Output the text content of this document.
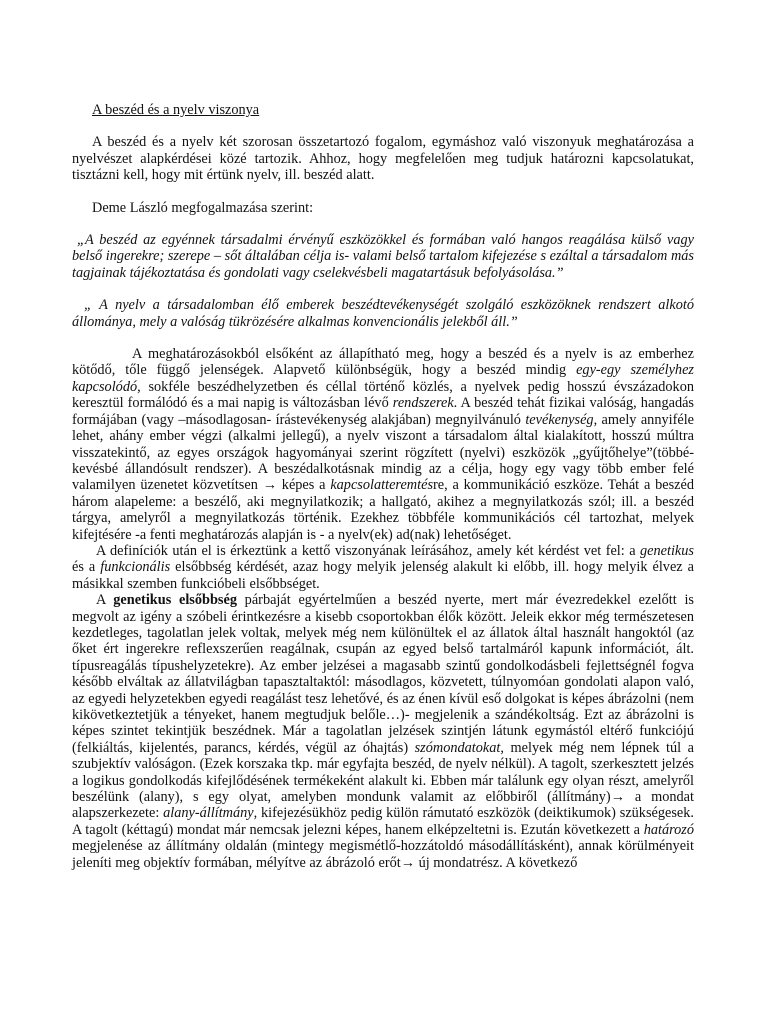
A beszéd és a nyelv viszonya

A beszéd és a nyelv két szorosan összetartozó fogalom, egymáshoz való viszonyuk meghatározása a nyelvészet alapkérdései közé tartozik. Ahhoz, hogy megfelelően meg tudjuk határozni kapcsolatukat, tisztázni kell, hogy mit értünk nyelv, ill. beszéd alatt.

Deme László megfogalmazása szerint:

„A beszéd az egyénnek társadalmi érvényű eszközökkel és formában való hangos reagálása külső vagy belső ingerekre; szerepe – sőt általában célja is- valami belső tartalom kifejezése s ezáltal a társadalom más tagjainak tájékoztatása és gondolati vagy cselekvésbeli magatartásuk befolyásolása.”

„ A nyelv a társadalomban élő emberek beszédtevékenységét szolgáló eszközöknek rendszert alkotó állománya, mely a valóság tükrözésére alkalmas konvencionális jelekből áll.”

A meghatározásokból elsőként az állapítható meg, hogy a beszéd és a nyelv is az emberhez kötődő, tőle függő jelenségek. Alapvető különbségük, hogy a beszéd mindig egy-egy személyhez kapcsolódó, sokféle beszédhelyzetben és céllal történő közlés, a nyelvek pedig hosszú évszázadokon keresztül formálódó és a mai napig is változásban lévő rendszerek. A beszéd tehát fizikai valóság, hangadás formájában (vagy –másodlagosan- írástevékenység alakjában) megnyilvánuló tevékenység, amely annyiféle lehet, ahány ember végzi (alkalmi jellegű), a nyelv viszont a társadalom által kialakított, hosszú múltra visszatekintő, az egyes országok hagyományai szerint rögzített (nyelvi) eszközök „gyűjtőhelye”(többé-kevésbé állandósult rendszer). A beszédalkotásnak mindig az a célja, hogy egy vagy több ember felé valamilyen üzenetet közvetítsen → képes a kapcsolatteremtésre, a kommunikáció eszköze. Tehát a beszéd három alapeleme: a beszélő, aki megnyilatkozik; a hallgató, akihez a megnyilatkozás szól; ill. a beszéd tárgya, amelyről a megnyilatkozás történik. Ezekhez többféle kommunikációs cél tartozhat, melyek kifejtésére -a fenti meghatározás alapján is - a nyelv(ek) ad(nak) lehetőséget.

A definíciók után el is érkeztünk a kettő viszonyának leírásához, amely két kérdést vet fel: a genetikus és a funkcionális elsőbbség kérdését, azaz hogy melyik jelenség alakult ki előbb, ill. hogy melyik élvez a másikkal szemben funkcióbeli elsőbbséget.

A genetikus elsőbbség párbaját egyértelműen a beszéd nyerte, mert már évezredekkel ezelőtt is megvolt az igény a szóbeli érintkezésre a kisebb csoportokban élők között. Jeleik ekkor még természetesen kezdetleges, tagolatlan jelek voltak, melyek még nem különültek el az állatok által használt hangoktól (az őket ért ingerekre reflexszerűen reagálnak, csupán az egyed belső tartalmáról kapunk információt, ált. típusreagálás típushelyzetekre). Az ember jelzései a magasabb szintű gondolkodásbeli fejlettségnél fogva később elváltak az állatvilágban tapasztaltaktól: másodlagos, közvetett, túlnyomóan gondolati alapon való, az egyedi helyzetekben egyedi reagálást tesz lehetővé, és az énen kívül eső dolgokat is képes ábrázolni (nem kikövetkeztetjük a tényeket, hanem megtudjuk belőle…)- megjelenik a szándékoltság. Ezt az ábrázolni is képes szintet tekintjük beszédnek. Már a tagolatlan jelzések szintjén látunk egymástól eltérő funkciójú (felkiáltás, kijelentés, parancs, kérdés, végül az óhajtás) szómondatokat, melyek még nem lépnek túl a szubjektív valóságon. (Ezek korszaka tkp. már egyfajta beszéd, de nyelv nélkül). A tagolt, szerkesztett jelzés a logikus gondolkodás kifejlődésének termékeként alakult ki. Ebben már találunk egy olyan részt, amelyről beszélünk (alany), s egy olyat, amelyben mondunk valamit az előbbiről (állítmány)→ a mondat alapszerkezete: alany-állítmány, kifejezésükhöz pedig külön rámutató eszközök (deiktikumok) szükségesek. A tagolt (kéttagú) mondat már nemcsak jelezni képes, hanem elképzeltetni is. Ezután következett a határozó megjelenése az állítmány oldalán (mintegy megismétlő-hozzátoldó másodállításként), annak körülményeit jeleníti meg objektív formában, mélyítve az ábrázoló erőt→ új mondatrész. A következő
